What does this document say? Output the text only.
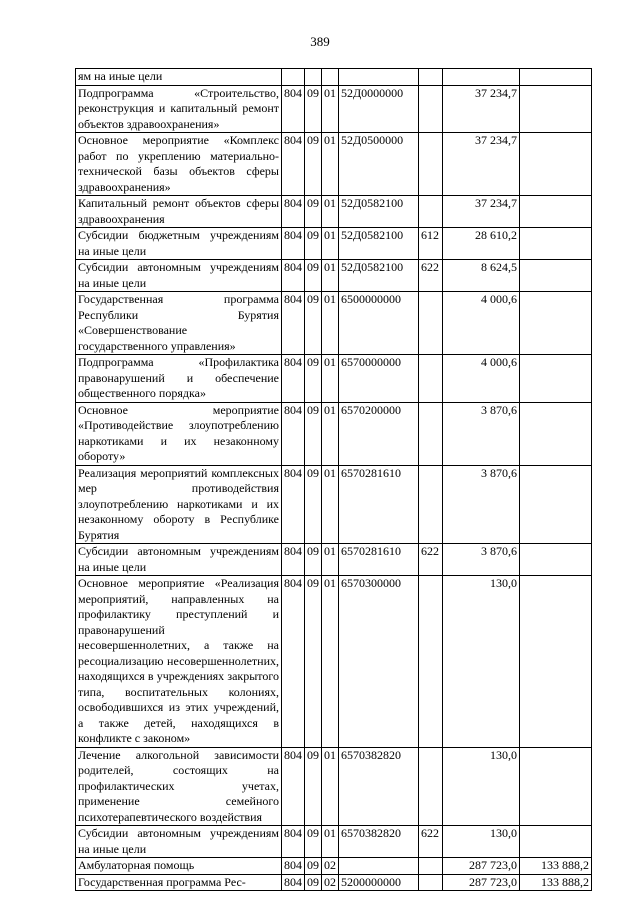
389
ям на иные цели							
Подпрограмма «Строительство, реконструкция и капитальный ремонт объектов здравоохранения»	804	09	01	52Д0000000		37 234,7	
Основное мероприятие «Комплекс работ по укреплению материально-технической базы объектов сферы здравоохранения»	804	09	01	52Д0500000		37 234,7	
Капитальный ремонт объектов сферы здравоохранения	804	09	01	52Д0582100		37 234,7	
Субсидии бюджетным учреждениям на иные цели	804	09	01	52Д0582100	612	28 610,2	
Субсидии автономным учреждениям на иные цели	804	09	01	52Д0582100	622	8 624,5	
Государственная программа Республики Бурятия «Совершенствование государственного управления»	804	09	01	6500000000		4 000,6	
Подпрограмма «Профилактика правонарушений и обеспечение общественного порядка»	804	09	01	6570000000		4 000,6	
Основное мероприятие «Противодействие злоупотреблению наркотиками и их незаконному обороту»	804	09	01	6570200000		3 870,6	
Реализация мероприятий комплексных мер противодействия злоупотреблению наркотиками и их незаконному обороту в Республике Бурятия	804	09	01	6570281610		3 870,6	
Субсидии автономным учреждениям на иные цели	804	09	01	6570281610	622	3 870,6	
Основное мероприятие «Реализация мероприятий, направленных на профилактику преступлений и правонарушений несовершеннолетних, а также на ресоциализацию несовершеннолетних, находящихся в учреждениях закрытого типа, воспитательных колониях, освободившихся из этих учреждений, а также детей, находящихся в конфликте с законом»	804	09	01	6570300000		130,0	
Лечение алкогольной зависимости родителей, состоящих на профилактических учетах, применение семейного психотерапевтического воздействия	804	09	01	6570382820		130,0	
Субсидии автономным учреждениям на иные цели	804	09	01	6570382820	622	130,0	
Амбулаторная помощь	804	09	02			287 723,0	133 888,2
Государственная программа Рес-	804	09	02	5200000000		287 723,0	133 888,2
